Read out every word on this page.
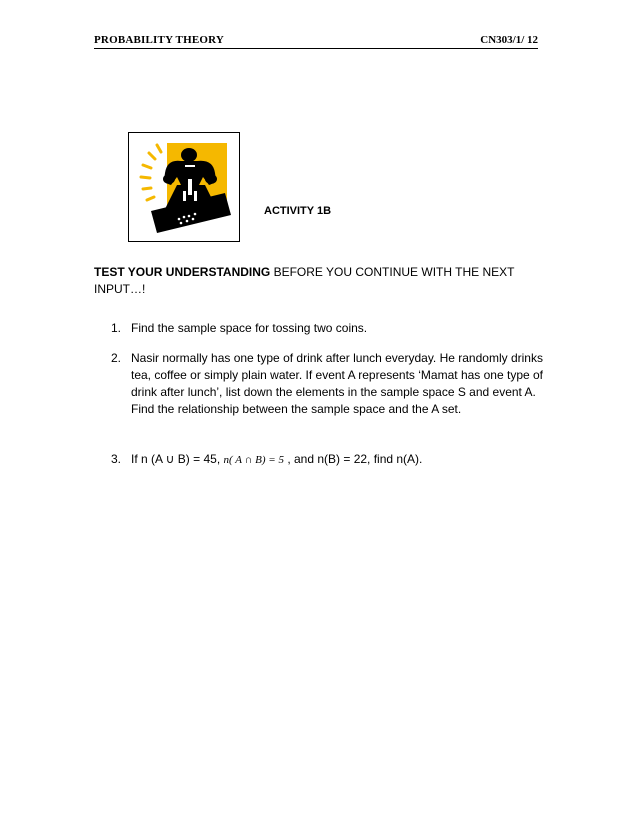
PROBABILITY THEORY	CN303/1/ 12
ACTIVITY 1B
TEST YOUR UNDERSTANDING BEFORE YOU CONTINUE WITH THE NEXT INPUT…!
1. Find the sample space for tossing two coins.
2. Nasir normally has one type of drink after lunch everyday. He randomly drinks tea, coffee or simply plain water. If event A represents ‘Mamat has one type of drink after lunch’, list down the elements in the sample space S and event A. Find the relationship between the sample space and the A set.
3. If n (A ∪ B) = 45, n( A ∩ B) = 5 , and n(B) = 22, find n(A).
